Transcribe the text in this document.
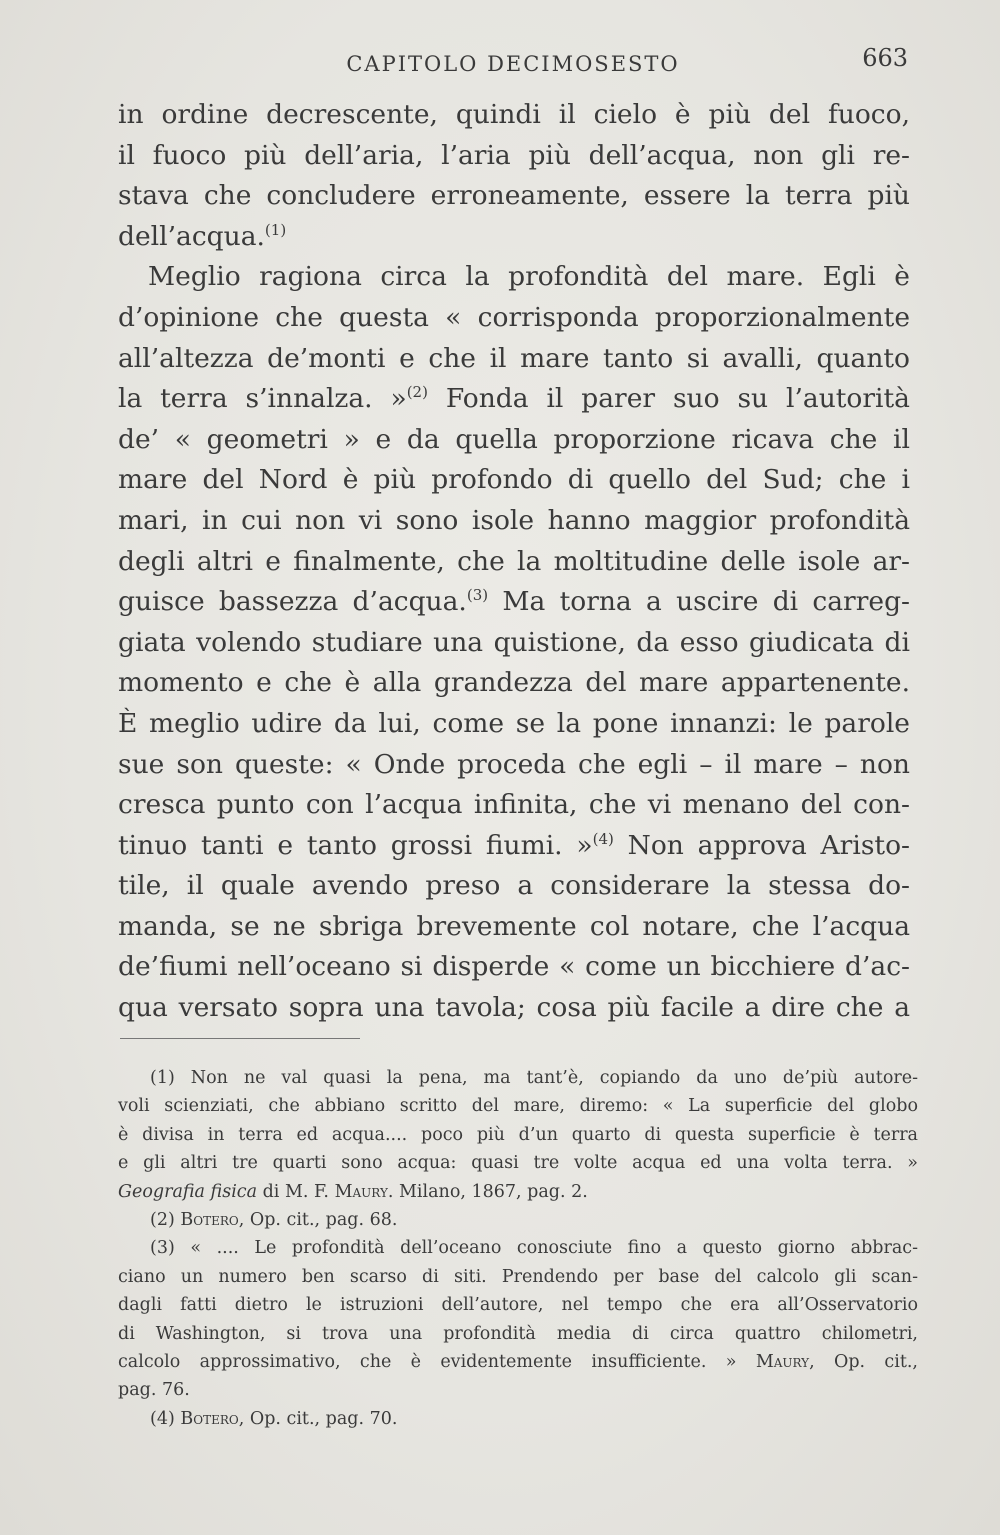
CAPITOLO DECIMOSESTO	663
in ordine decrescente, quindi il cielo è più del fuoco,
il fuoco più dell’aria, l’aria più dell’acqua, non gli re-
stava che concludere erroneamente, essere la terra più
dell’acqua.$^{(1)}$
Meglio ragiona circa la profondità del mare. Egli è
d’opinione che questa « corrisponda proporzionalmente
all’altezza de’monti e che il mare tanto si avalli, quanto
la terra s’innalza. »$^{(2)}$ Fonda il parer suo su l’autorità
de’ « geometri » e da quella proporzione ricava che il
mare del Nord è più profondo di quello del Sud; che i
mari, in cui non vi sono isole hanno maggior profondità
degli altri e finalmente, che la moltitudine delle isole ar-
guisce bassezza d’acqua.$^{(3)}$ Ma torna a uscire di carreg-
giata volendo studiare una quistione, da esso giudicata di
momento e che è alla grandezza del mare appartenente.
È meglio udire da lui, come se la pone innanzi: le parole
sue son queste: « Onde proceda che egli – il mare – non
cresca punto con l’acqua infinita, che vi menano del con-
tinuo tanti e tanto grossi fiumi. »$^{(4)}$ Non approva Aristo-
tile, il quale avendo preso a considerare la stessa do-
manda, se ne sbriga brevemente col notare, che l’acqua
de’fiumi nell’oceano si disperde « come un bicchiere d’ac-
qua versato sopra una tavola; cosa più facile a dire che a
(1) Non ne val quasi la pena, ma tant’è, copiando da uno de’più autore-
voli scienziati, che abbiano scritto del mare, diremo: « La superficie del globo
è divisa in terra ed acqua.... poco più d’un quarto di questa superficie è terra
e gli altri tre quarti sono acqua: quasi tre volte acqua ed una volta terra. »
Geografia fisica di M. F. Maury. Milano, 1867, pag. 2.
(2) Botero, Op. cit., pag. 68.
(3) « .... Le profondità dell’oceano conosciute fino a questo giorno abbrac-
ciano un numero ben scarso di siti. Prendendo per base del calcolo gli scan-
dagli fatti dietro le istruzioni dell’autore, nel tempo che era all’Osservatorio
di Washington, si trova una profondità media di circa quattro chilometri,
calcolo approssimativo, che è evidentemente insufficiente. » Maury, Op. cit.,
pag. 76.
(4) Botero, Op. cit., pag. 70.
